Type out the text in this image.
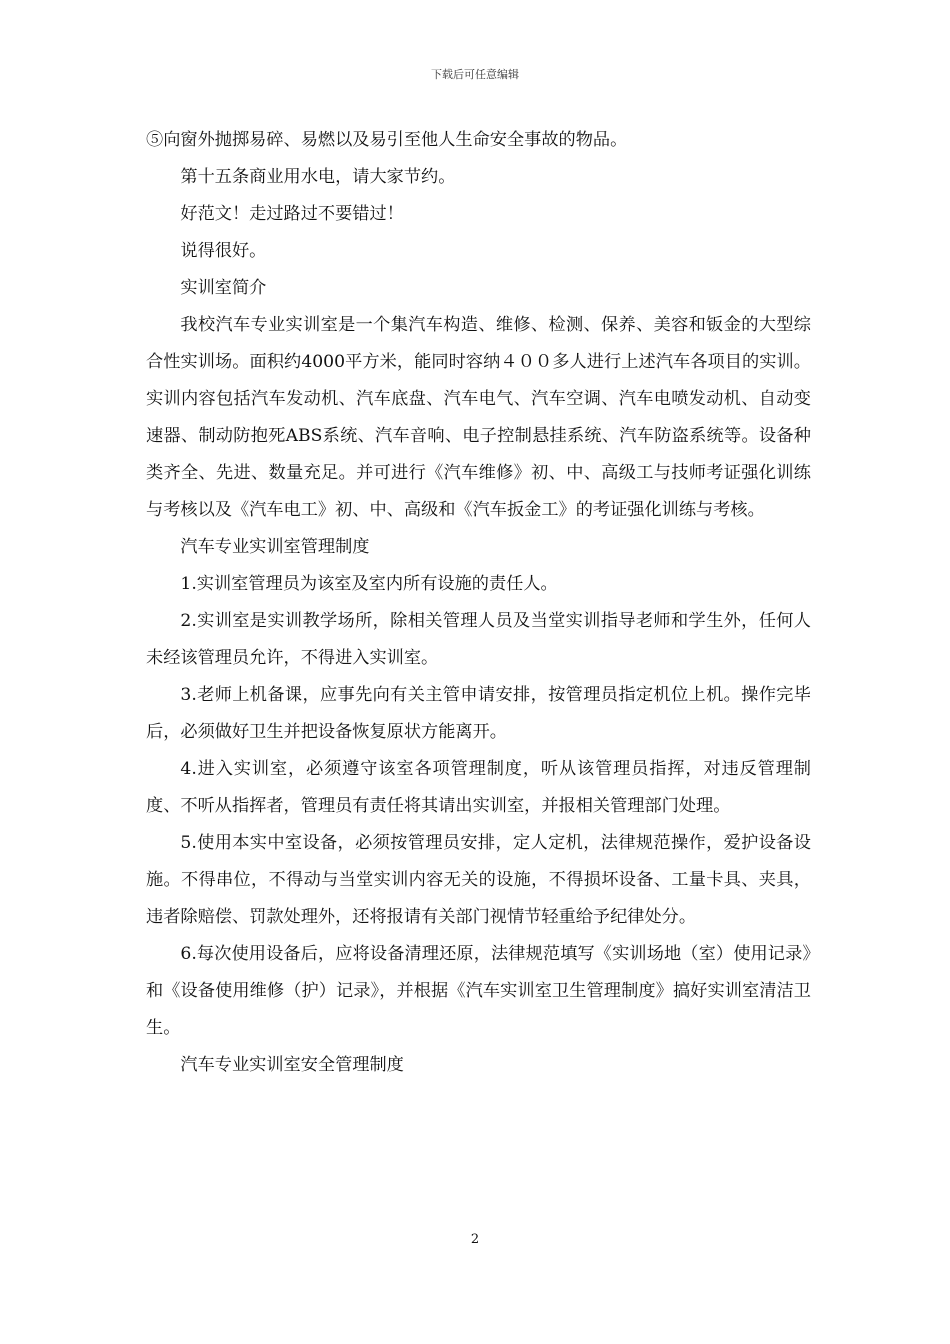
下载后可任意编辑

⑤向窗外抛掷易碎、易燃以及易引至他人生命安全事故的物品。

第十五条商业用水电，请大家节约。

好范文！走过路过不要错过！

说得很好。

实训室简介

我校汽车专业实训室是一个集汽车构造、维修、检测、保养、美容和钣金的大型综合性实训场。面积约4000平方米，能同时容纳４００多人进行上述汽车各项目的实训。实训内容包括汽车发动机、汽车底盘、汽车电气、汽车空调、汽车电喷发动机、自动变速器、制动防抱死ABS系统、汽车音响、电子控制悬挂系统、汽车防盗系统等。设备种类齐全、先进、数量充足。并可进行《汽车维修》初、中、高级工与技师考证强化训练与考核以及《汽车电工》初、中、高级和《汽车扳金工》的考证强化训练与考核。

汽车专业实训室管理制度

1.实训室管理员为该室及室内所有设施的责任人。

2.实训室是实训教学场所，除相关管理人员及当堂实训指导老师和学生外，任何人未经该管理员允许，不得进入实训室。

3.老师上机备课，应事先向有关主管申请安排，按管理员指定机位上机。操作完毕后，必须做好卫生并把设备恢复原状方能离开。

4.进入实训室，必须遵守该室各项管理制度，听从该管理员指挥，对违反管理制度、不听从指挥者，管理员有责任将其请出实训室，并报相关管理部门处理。

5.使用本实中室设备，必须按管理员安排，定人定机，法律规范操作，爱护设备设施。不得串位，不得动与当堂实训内容无关的设施，不得损坏设备、工量卡具、夹具，违者除赔偿、罚款处理外，还将报请有关部门视情节轻重给予纪律处分。

6.每次使用设备后，应将设备清理还原，法律规范填写《实训场地（室）使用记录》和《设备使用维修（护）记录》，并根据《汽车实训室卫生管理制度》搞好实训室清洁卫生。

汽车专业实训室安全管理制度

2
